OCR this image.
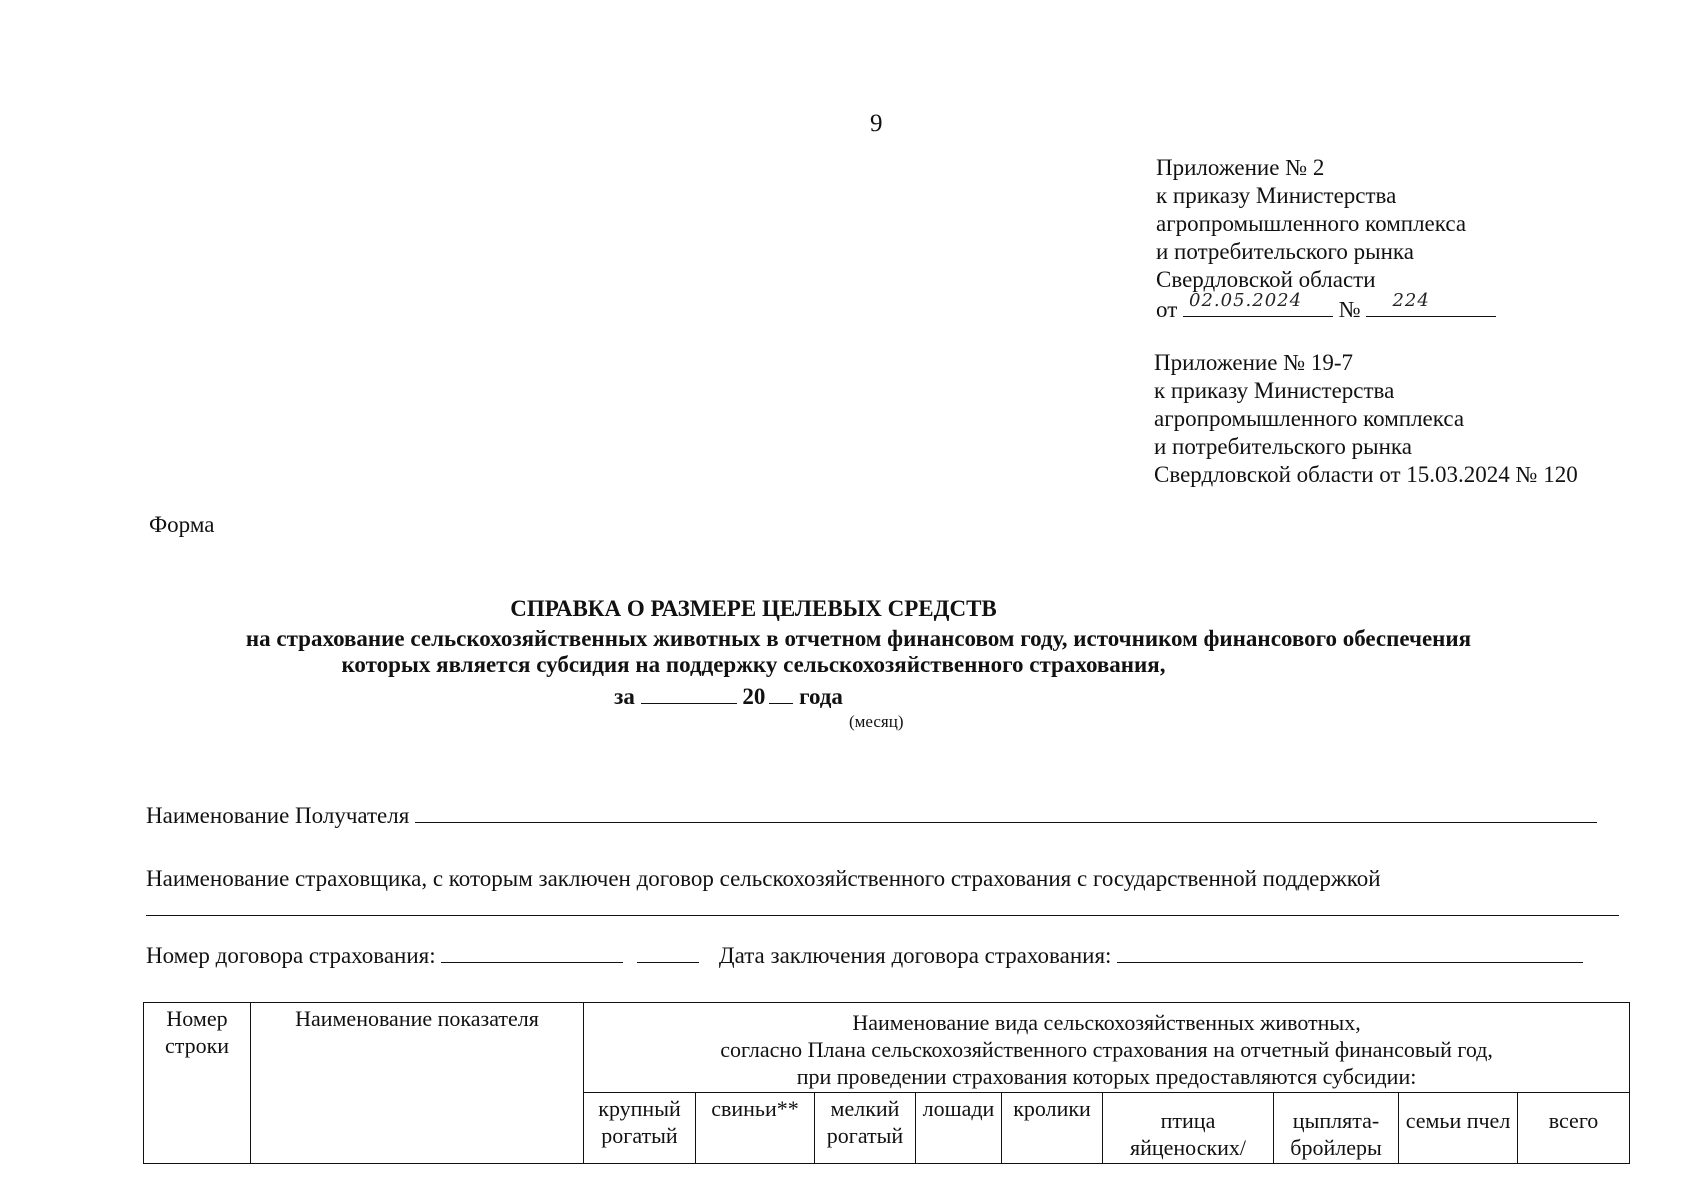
9
Приложение № 2
к приказу Министерства
агропромышленного комплекса
и потребительского рынка
Свердловской области
от 02.05.2024 № 224
Приложение № 19-7
к приказу Министерства
агропромышленного комплекса
и потребительского рынка
Свердловской области от 15.03.2024 № 120
Форма
СПРАВКА О РАЗМЕРЕ ЦЕЛЕВЫХ СРЕДСТВ
на страхование сельскохозяйственных животных в отчетном финансовом году, источником финансового обеспечения
которых является субсидия на поддержку сельскохозяйственного страхования,
за	20 года
(месяц)
Наименование Получателя
Наименование страховщика, с которым заключен договор сельскохозяйственного страхования с государственной поддержкой
Номер договора страхования:	Дата заключения договора страхования:
Номер строки	Наименование показателя	Наименование вида сельскохозяйственных животных,
согласно Плана сельскохозяйственного страхования на отчетный финансовый год,
при проведении страхования которых предоставляются субсидии:								

		крупный рогатый	свиньи**	мелкий рогатый	лошади	кролики	птица яйценоских/	цыплята-бройлеры	семьи пчел	всего
